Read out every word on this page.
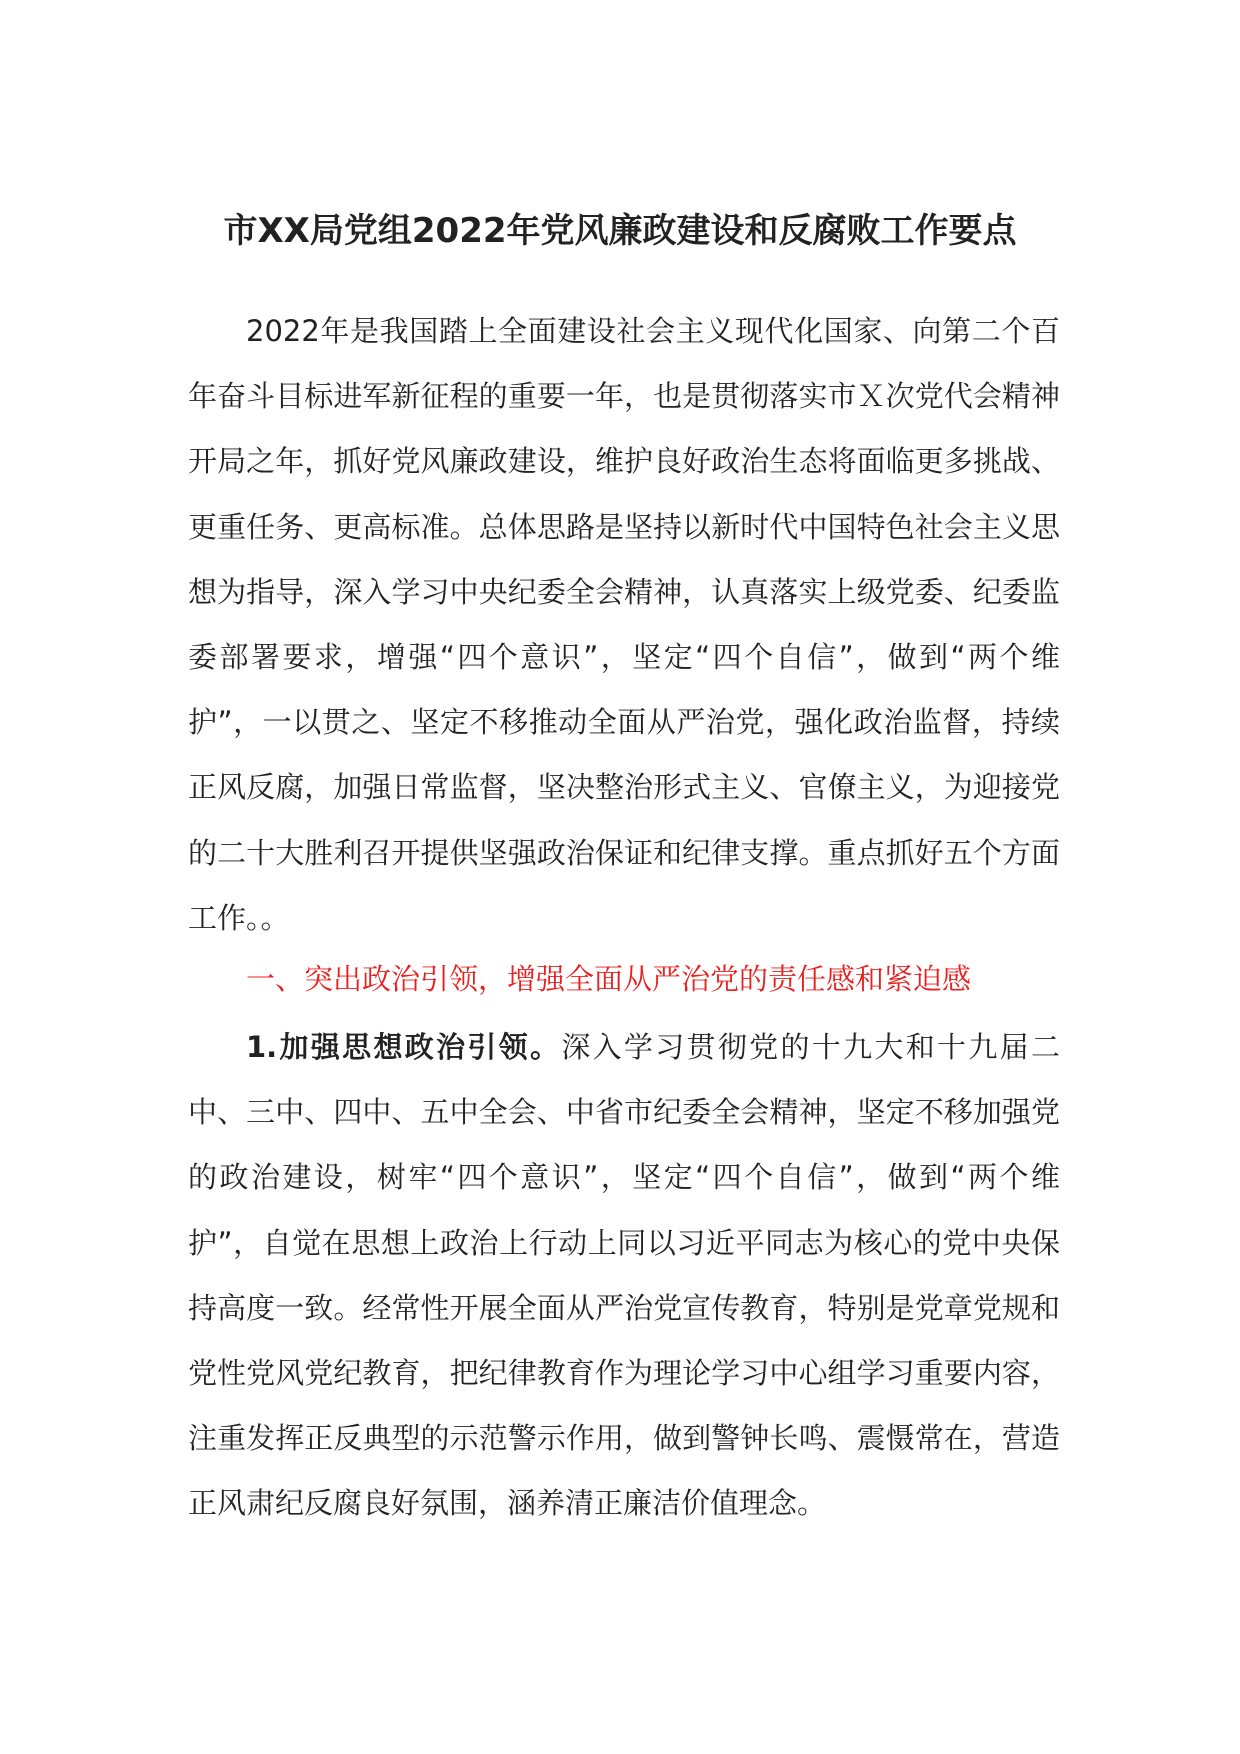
市XX局党组2022年党风廉政建设和反腐败工作要点

2022年是我国踏上全面建设社会主义现代化国家、向第二个百年奋斗目标进军新征程的重要一年，也是贯彻落实市Ｘ次党代会精神开局之年，抓好党风廉政建设，维护良好政治生态将面临更多挑战、更重任务、更高标准。总体思路是坚持以新时代中国特色社会主义思想为指导，深入学习中央纪委全会精神，认真落实上级党委、纪委监委部署要求，增强“四个意识”，坚定“四个自信”，做到“两个维护”，一以贯之、坚定不移推动全面从严治党，强化政治监督，持续正风反腐，加强日常监督，坚决整治形式主义、官僚主义，为迎接党的二十大胜利召开提供坚强政治保证和纪律支撑。重点抓好五个方面工作。。

一、突出政治引领，增强全面从严治党的责任感和紧迫感

1.加强思想政治引领。深入学习贯彻党的十九大和十九届二中、三中、四中、五中全会、中省市纪委全会精神，坚定不移加强党的政治建设，树牢“四个意识”，坚定“四个自信”，做到“两个维护”，自觉在思想上政治上行动上同以习近平同志为核心的党中央保持高度一致。经常性开展全面从严治党宣传教育，特别是党章党规和党性党风党纪教育，把纪律教育作为理论学习中心组学习重要内容，注重发挥正反典型的示范警示作用，做到警钟长鸣、震慑常在，营造正风肃纪反腐良好氛围，涵养清正廉洁价值理念。
